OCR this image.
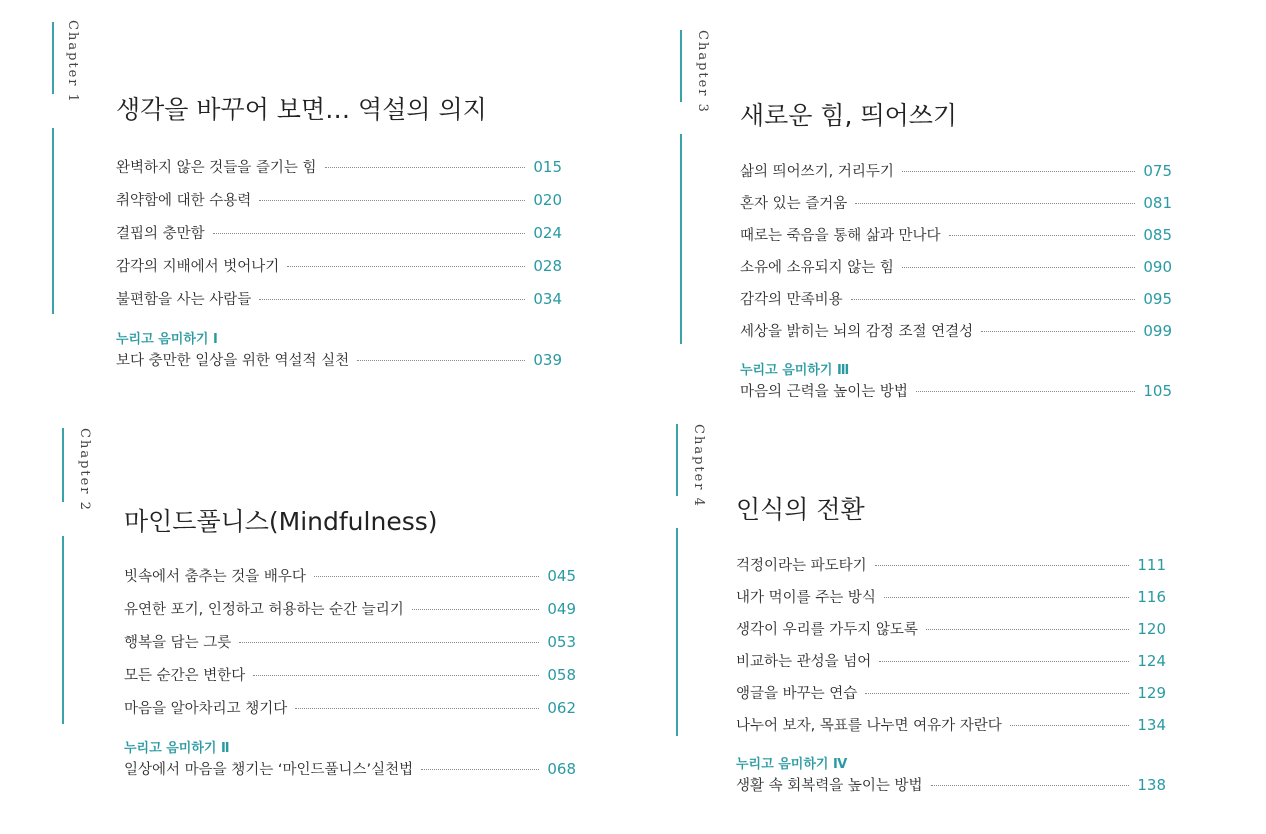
Chapter 1
생각을 바꾸어 보면… 역설의 의지
완벽하지 않은 것들을 즐기는 힘	015
취약함에 대한 수용력	020
결핍의 충만함	024
감각의 지배에서 벗어나기	028
불편함을 사는 사람들	034
누리고 음미하기 Ⅰ
보다 충만한 일상을 위한 역설적 실천	039
Chapter 2
마인드풀니스(Mindfulness)
빗속에서 춤추는 것을 배우다	045
유연한 포기, 인정하고 허용하는 순간 늘리기	049
행복을 담는 그릇	053
모든 순간은 변한다	058
마음을 알아차리고 챙기다	062
누리고 음미하기 Ⅱ
일상에서 마음을 챙기는 ‘마인드풀니스’실천법	068
Chapter 3
새로운 힘, 띄어쓰기
삶의 띄어쓰기, 거리두기	075
혼자 있는 즐거움	081
때로는 죽음을 통해 삶과 만나다	085
소유에 소유되지 않는 힘	090
감각의 만족비용	095
세상을 밝히는 뇌의 감정 조절 연결성	099
누리고 음미하기 Ⅲ
마음의 근력을 높이는 방법	105
Chapter 4
인식의 전환
걱정이라는 파도타기	111
내가 먹이를 주는 방식	116
생각이 우리를 가두지 않도록	120
비교하는 관성을 넘어	124
앵글을 바꾸는 연습	129
나누어 보자, 목표를 나누면 여유가 자란다	134
누리고 음미하기 Ⅳ
생활 속 회복력을 높이는 방법	138
